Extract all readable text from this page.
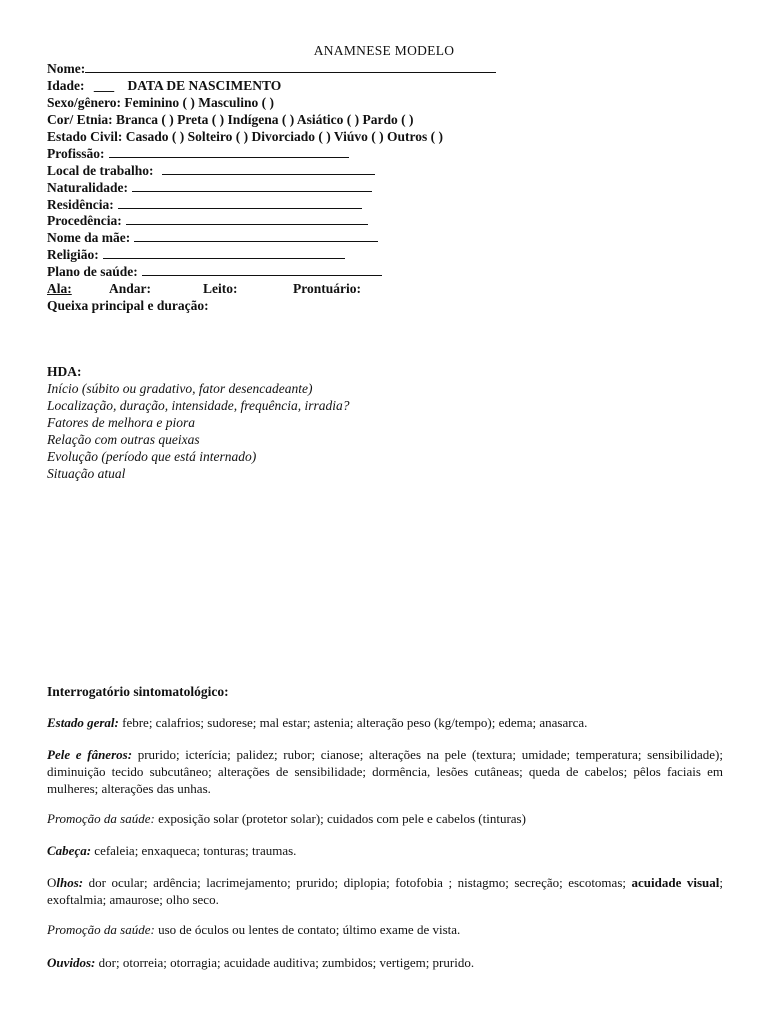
ANAMNESE MODELO
Nome:
Idade: ___ DATA DE NASCIMENTO
Sexo/gênero: Feminino ( ) Masculino ( )
Cor/ Etnia: Branca ( ) Preta ( ) Indígena ( ) Asiático ( ) Pardo ( )
Estado Civil: Casado ( ) Solteiro ( ) Divorciado ( ) Viúvo ( ) Outros ( )
Profissão:
Local de trabalho:
Naturalidade:
Residência:
Procedência:
Nome da mãe:
Religião:
Plano de saúde:
Ala:	Andar:	Leito:	Prontuário:
Queixa principal e duração:
HDA:
Início (súbito ou gradativo, fator desencadeante)
Localização, duração, intensidade, frequência, irradia?
Fatores de melhora e piora
Relação com outras queixas
Evolução (período que está internado)
Situação atual
Interrogatório sintomatológico:
Estado geral: febre; calafrios; sudorese; mal estar; astenia; alteração peso (kg/tempo); edema; anasarca.
Pele e fâneros: prurido; icterícia; palidez; rubor; cianose; alterações na pele (textura; umidade; temperatura; sensibilidade); diminuição tecido subcutâneo; alterações de sensibilidade; dormência, lesões cutâneas; queda de cabelos; pêlos faciais em mulheres; alterações das unhas.
Promoção da saúde: exposição solar (protetor solar); cuidados com pele e cabelos (tinturas)
Cabeça: cefaleia; enxaqueca; tonturas; traumas.
Olhos: dor ocular; ardência; lacrimejamento; prurido; diplopia; fotofobia ; nistagmo; secreção; escotomas; acuidade visual; exoftalmia; amaurose; olho seco.
Promoção da saúde: uso de óculos ou lentes de contato; último exame de vista.
Ouvidos: dor; otorreia; otorragia; acuidade auditiva; zumbidos; vertigem; prurido.
